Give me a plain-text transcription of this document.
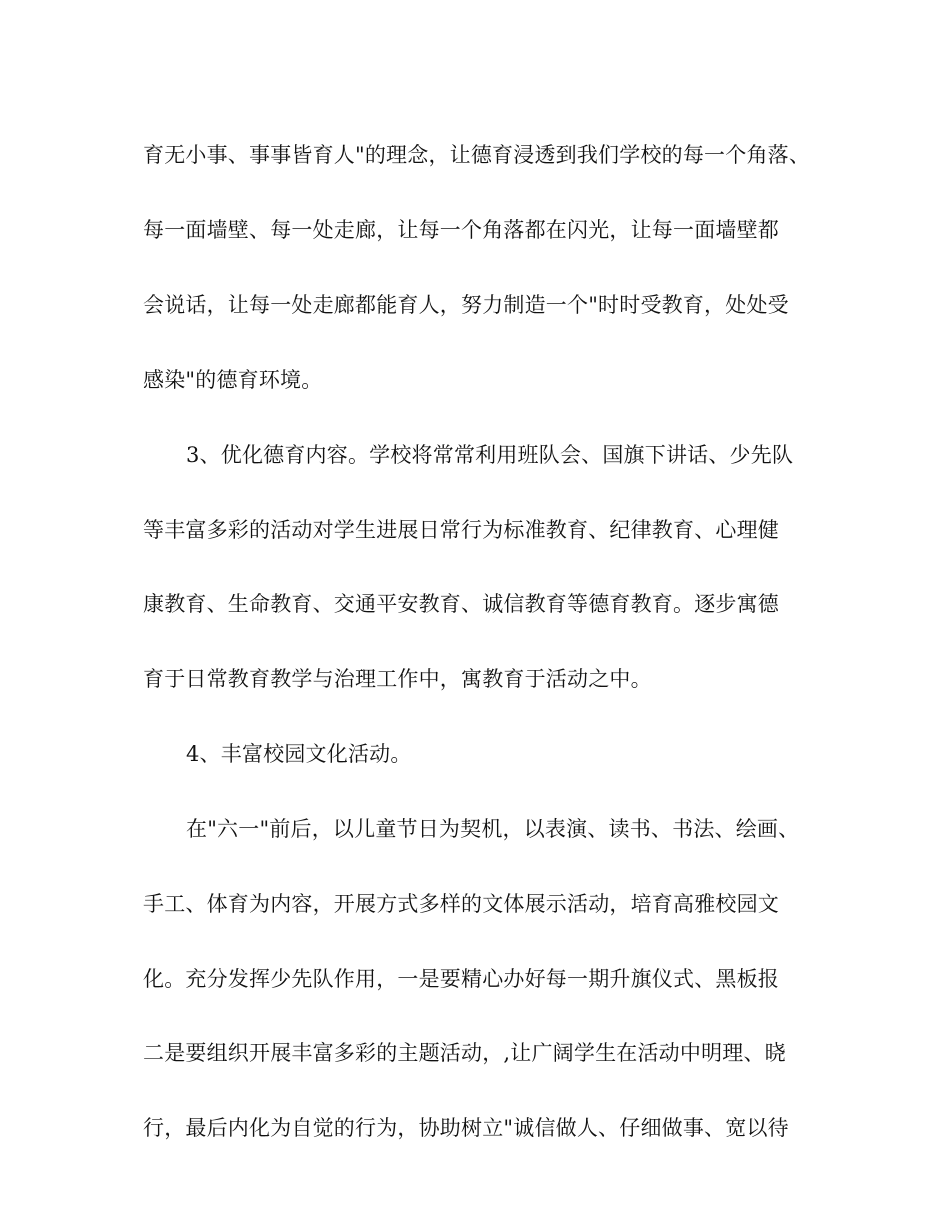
育无小事、事事皆育人"的理念，让德育浸透到我们学校的每一个角落、
每一面墙壁、每一处走廊，让每一个角落都在闪光，让每一面墙壁都
会说话，让每一处走廊都能育人，努力制造一个"时时受教育，处处受
感染"的德育环境。
3、优化德育内容。学校将常常利用班队会、国旗下讲话、少先队
等丰富多彩的活动对学生进展日常行为标准教育、纪律教育、心理健
康教育、生命教育、交通平安教育、诚信教育等德育教育。逐步寓德
育于日常教育教学与治理工作中，寓教育于活动之中。
4、丰富校园文化活动。
在"六一"前后，以儿童节日为契机，以表演、读书、书法、绘画、
手工、体育为内容，开展方式多样的文体展示活动，培育高雅校园文
化。充分发挥少先队作用，一是要精心办好每一期升旗仪式、黑板报
二是要组织开展丰富多彩的主题活动，,让广阔学生在活动中明理、晓
行，最后内化为自觉的行为，协助树立"诚信做人、仔细做事、宽以待
